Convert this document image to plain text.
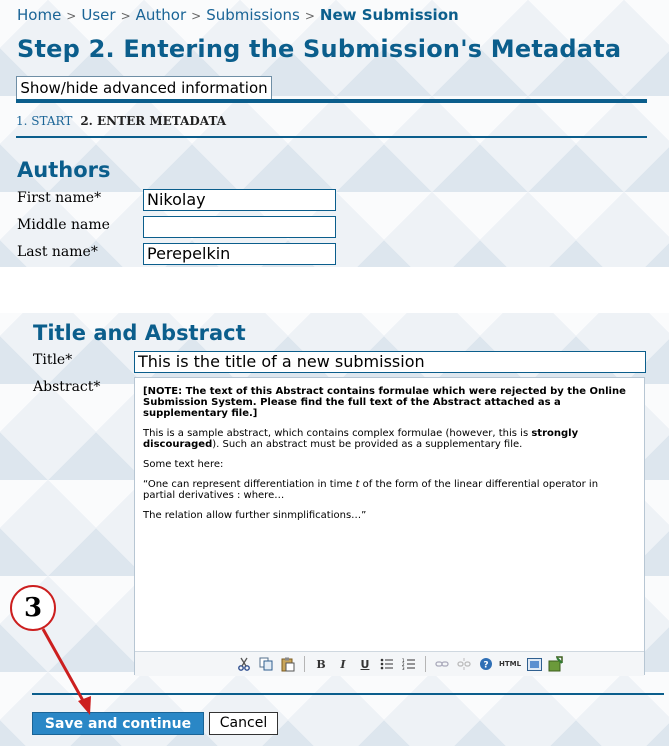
Home > User > Author > Submissions > New Submission
Step 2. Entering the Submission's Metadata
Show/hide advanced information
1. START 2. ENTER METADATA
Authors
First name*	Nikolay
Middle name
Last name*	Perepelkin
Title and Abstract
Title*	This is the title of a new submission
Abstract*	[NOTE: The text of this Abstract contains formulae which were rejected by the Online Submission System. Please find the full text of the Abstract attached as a supplementary file.]

This is a sample abstract, which contains complex formulae (however, this is strongly discouraged). Such an abstract must be provided as a supplementary file.

Some text here:

“One can represent differentiation in time t of the form of the linear differential operator in partial derivatives : where…

The relation allow further sinmplifications…”

B	I	U	1
2
3	? HTML
Save and continue	Cancel
3
